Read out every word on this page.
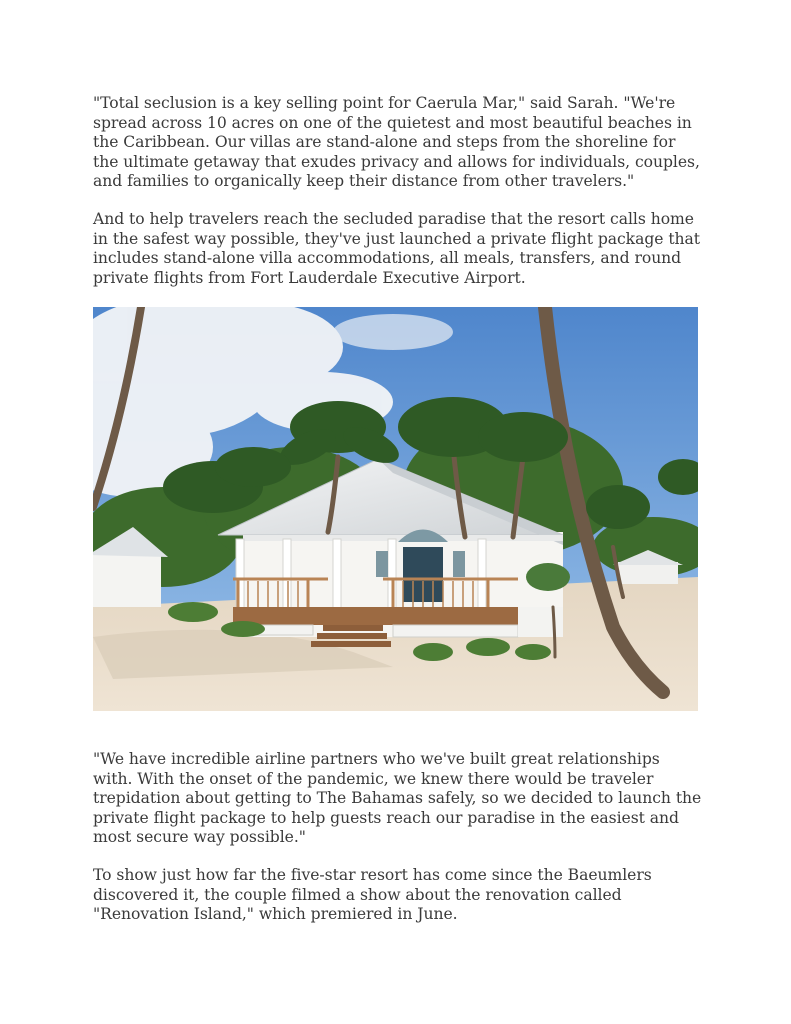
"Total seclusion is a key selling point for Caerula Mar," said Sarah. "We're spread across 10 acres on one of the quietest and most beautiful beaches in the Caribbean. Our villas are stand-alone and steps from the shoreline for the ultimate getaway that exudes privacy and allows for individuals, couples, and families to organically keep their distance from other travelers."

And to help travelers reach the secluded paradise that the resort calls home in the safest way possible, they've just launched a private flight package that includes stand-alone villa accommodations, all meals, transfers, and round private flights from Fort Lauderdale Executive Airport.

"We have incredible airline partners who we've built great relationships with. With the onset of the pandemic, we knew there would be traveler trepidation about getting to The Bahamas safely, so we decided to launch the private flight package to help guests reach our paradise in the easiest and most secure way possible."

To show just how far the five-star resort has come since the Baeumlers discovered it, the couple filmed a show about the renovation called "Renovation Island," which premiered in June.
